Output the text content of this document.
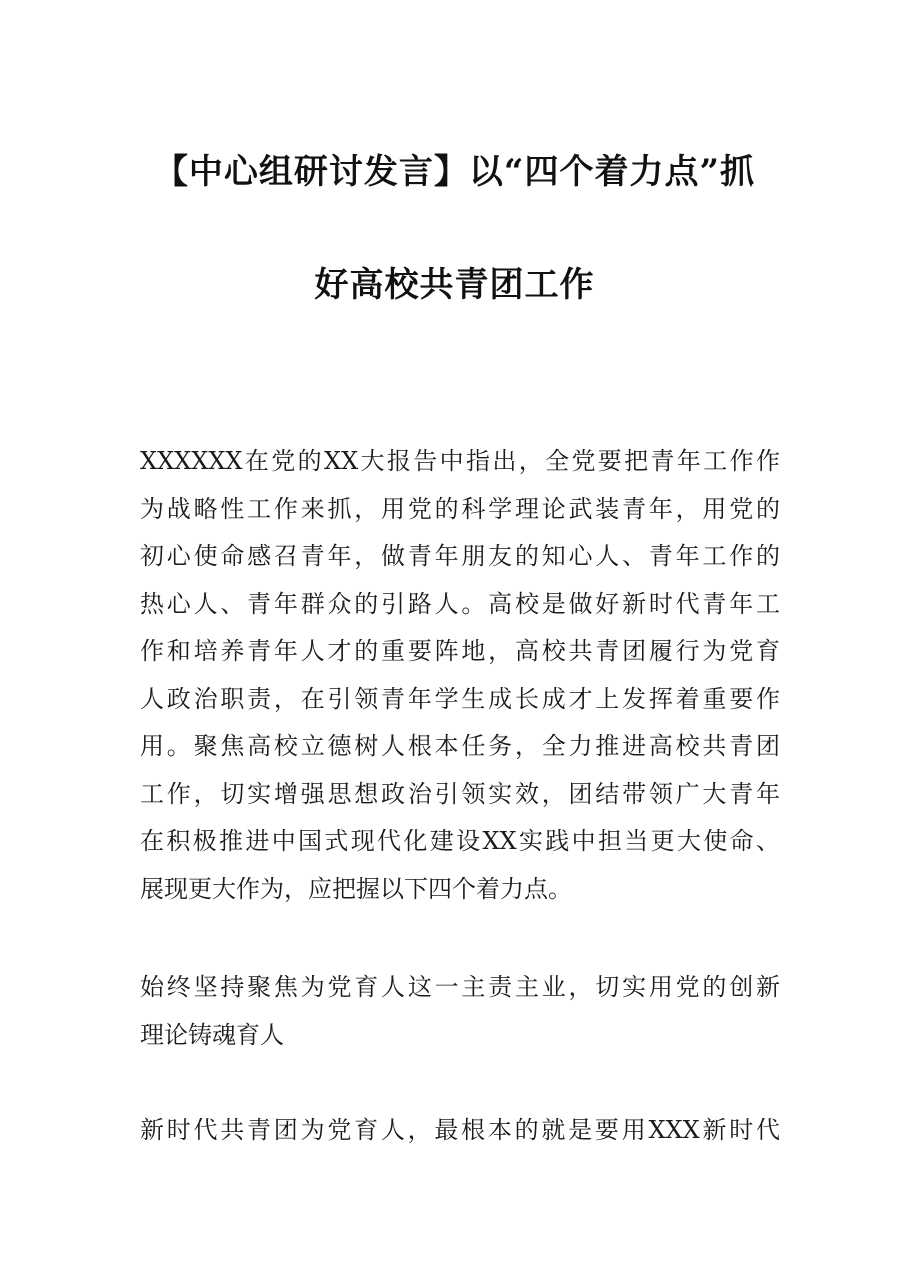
【中心组研讨发言】以“四个着力点”抓
好高校共青团工作
XXXXXX在党的XX大报告中指出，全党要把青年工作作
为战略性工作来抓，用党的科学理论武装青年，用党的
初心使命感召青年，做青年朋友的知心人、青年工作的
热心人、青年群众的引路人。高校是做好新时代青年工
作和培养青年人才的重要阵地，高校共青团履行为党育
人政治职责，在引领青年学生成长成才上发挥着重要作
用。聚焦高校立德树人根本任务，全力推进高校共青团
工作，切实增强思想政治引领实效，团结带领广大青年
在积极推进中国式现代化建设XX实践中担当更大使命、
展现更大作为，应把握以下四个着力点。
始终坚持聚焦为党育人这一主责主业，切实用党的创新
理论铸魂育人
新时代共青团为党育人，最根本的就是要用XXX新时代
